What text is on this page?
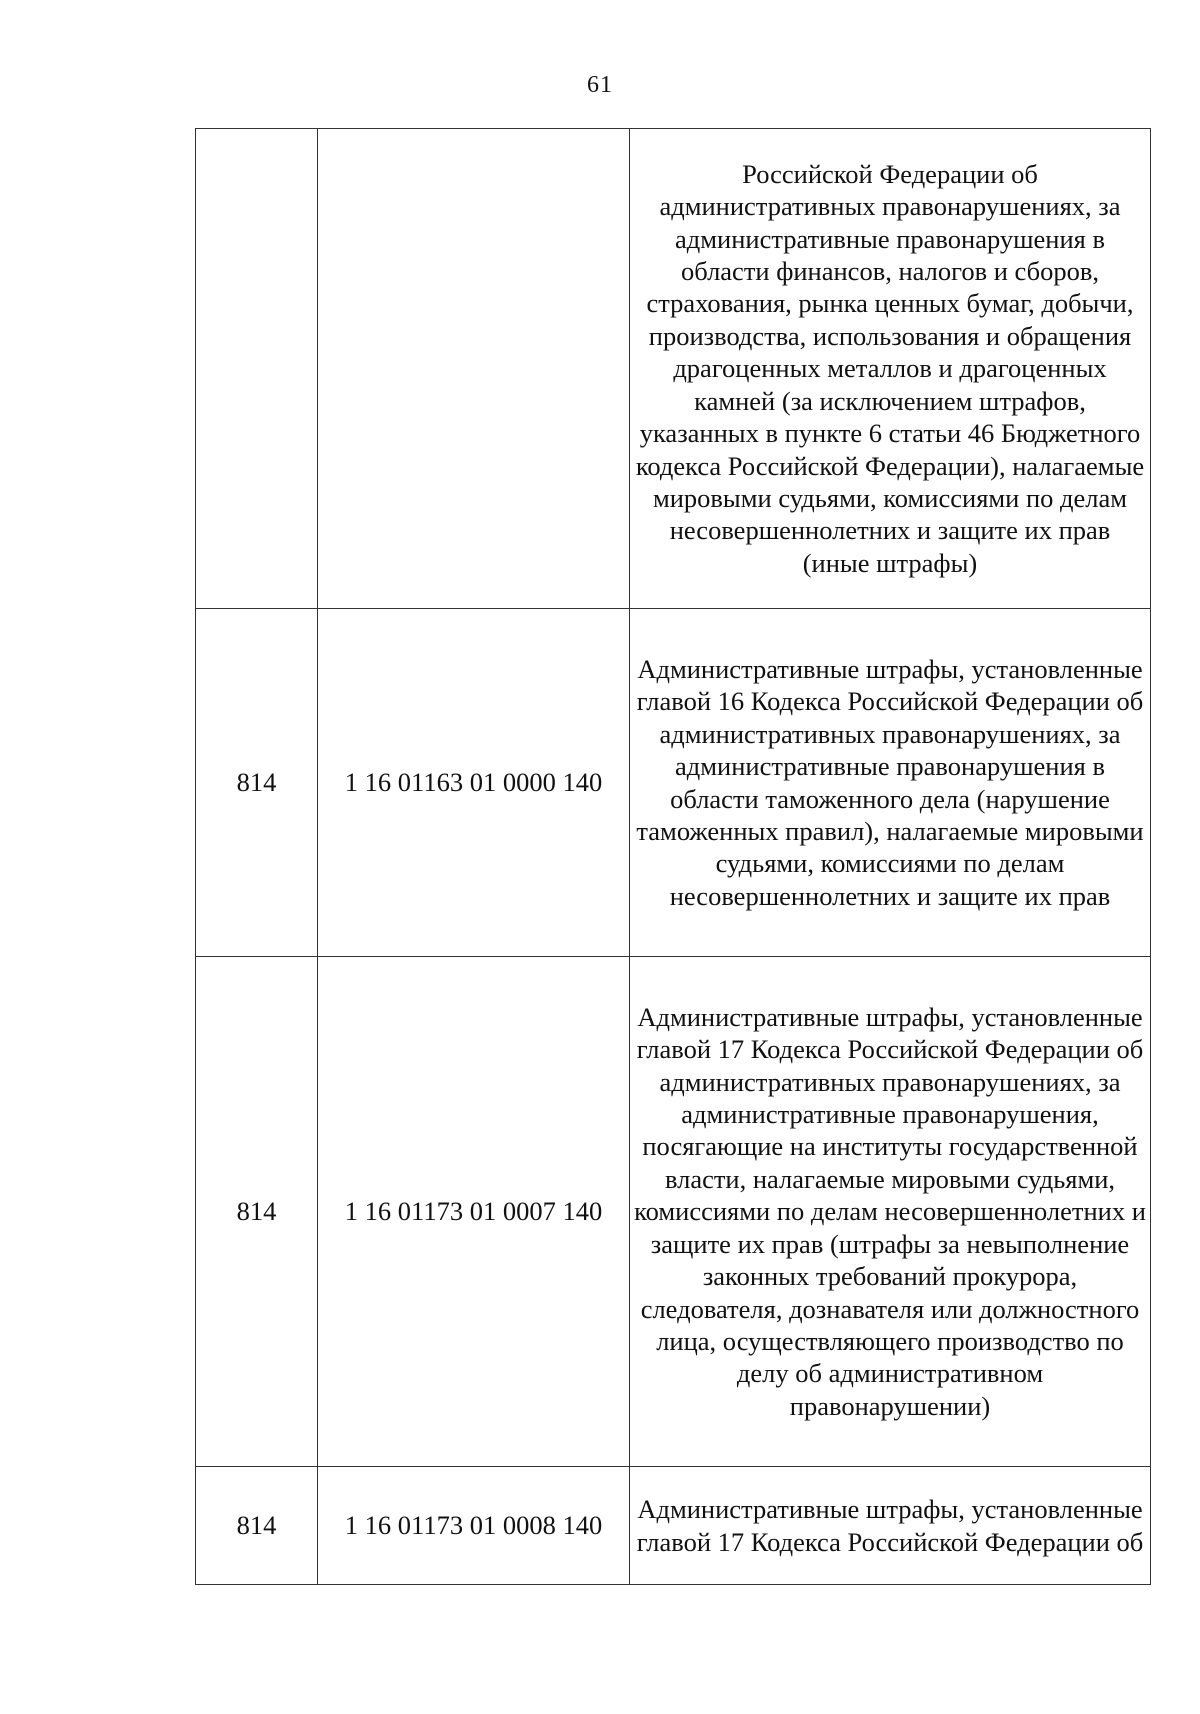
61

		Российской Федерации об административных правонарушениях, за административные правонарушения в области финансов, налогов и сборов, страхования, рынка ценных бумаг, добычи, производства, использования и обращения драгоценных металлов и драгоценных камней (за исключением штрафов, указанных в пункте 6 статьи 46 Бюджетного кодекса Российской Федерации), налагаемые мировыми судьями, комиссиями по делам несовершеннолетних и защите их прав (иные штрафы)

814	1 16 01163 01 0000 140	Административные штрафы, установленные главой 16 Кодекса Российской Федерации об административных правонарушениях, за административные правонарушения в области таможенного дела (нарушение таможенных правил), налагаемые мировыми судьями, комиссиями по делам несовершеннолетних и защите их прав

814	1 16 01173 01 0007 140	Административные штрафы, установленные главой 17 Кодекса Российской Федерации об административных правонарушениях, за административные правонарушения, посягающие на институты государственной власти, налагаемые мировыми судьями, комиссиями по делам несовершеннолетних и защите их прав (штрафы за невыполнение законных требований прокурора, следователя, дознавателя или должностного лица, осуществляющего производство по делу об административном правонарушении)

814	1 16 01173 01 0008 140	Административные штрафы, установленные главой 17 Кодекса Российской Федерации об
